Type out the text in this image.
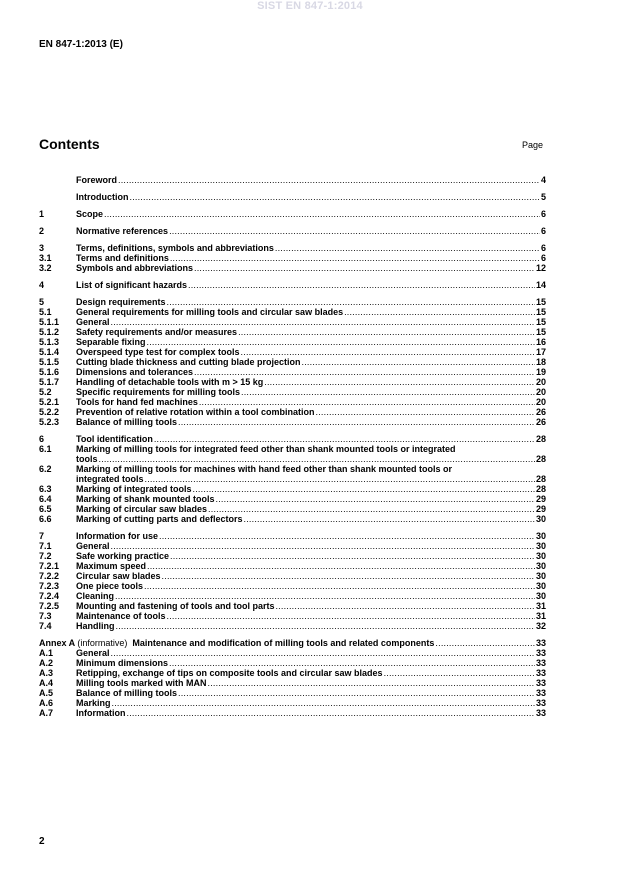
SIST EN 847-1:2014
EN 847-1:2013 (E)
Contents	Page
Foreword .....	4
Introduction .....	5
1	Scope .....	6
2	Normative references .....	6
3	Terms, definitions, symbols and abbreviations .....	6
3.1	Terms and definitions .....	6
3.2	Symbols and abbreviations .....	12
4	List of significant hazards .....	14
5	Design requirements .....	15
5.1	General requirements for milling tools and circular saw blades .....	15
5.1.1	General .....	15
5.1.2	Safety requirements and/or measures .....	15
5.1.3	Separable fixing .....	16
5.1.4	Overspeed type test for complex tools .....	17
5.1.5	Cutting blade thickness and cutting blade projection .....	18
5.1.6	Dimensions and tolerances .....	19
5.1.7	Handling of detachable tools with m > 15 kg .....	20
5.2	Specific requirements for milling tools .....	20
5.2.1	Tools for hand fed machines .....	20
5.2.2	Prevention of relative rotation within a tool combination .....	26
5.2.3	Balance of milling tools .....	26
6	Tool identification .....	28
6.1	Marking of milling tools for integrated feed other than shank mounted tools or integrated
tools .....	28
6.2	Marking of milling tools for machines with hand feed other than shank mounted tools or
integrated tools .....	28
6.3	Marking of integrated tools .....	28
6.4	Marking of shank mounted tools .....	29
6.5	Marking of circular saw blades .....	29
6.6	Marking of cutting parts and deflectors .....	30
7	Information for use .....	30
7.1	General .....	30
7.2	Safe working practice .....	30
7.2.1	Maximum speed .....	30
7.2.2	Circular saw blades .....	30
7.2.3	One piece tools .....	30
7.2.4	Cleaning .....	30
7.2.5	Mounting and fastening of tools and tool parts .....	31
7.3	Maintenance of tools .....	31
7.4	Handling .....	32
Annex A (informative) Maintenance and modification of milling tools and related components .....	33
A.1	General .....	33
A.2	Minimum dimensions .....	33
A.3	Retipping, exchange of tips on composite tools and circular saw blades .....	33
A.4	Milling tools marked with MAN .....	33
A.5	Balance of milling tools .....	33
A.6	Marking .....	33
A.7	Information .....	33
2
